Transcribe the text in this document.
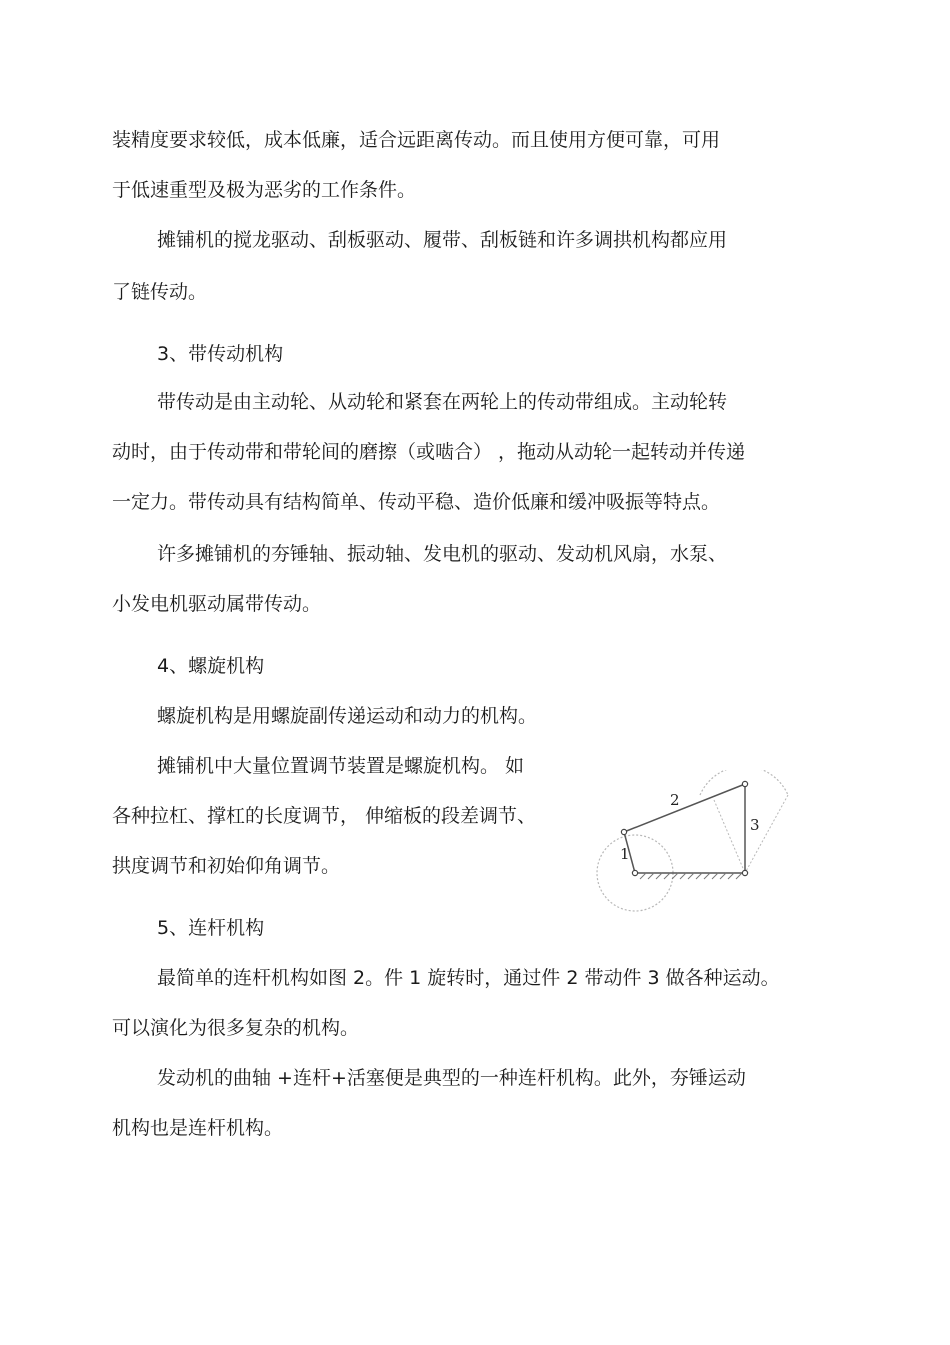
装精度要求较低，成本低廉，适合远距离传动。而且使用方便可靠，可用
于低速重型及极为恶劣的工作条件。
摊铺机的搅龙驱动、刮板驱动、履带、刮板链和许多调拱机构都应用
了链传动。
3、带传动机构
带传动是由主动轮、从动轮和紧套在两轮上的传动带组成。主动轮转
动时，由于传动带和带轮间的磨擦（或啮合） ，拖动从动轮一起转动并传递
一定力。带传动具有结构简单、传动平稳、造价低廉和缓冲吸振等特点。
许多摊铺机的夯锤轴、振动轴、发电机的驱动、发动机风扇，水泵、
小发电机驱动属带传动。
4、螺旋机构
螺旋机构是用螺旋副传递运动和动力的机构。
摊铺机中大量位置调节装置是螺旋机构。 如
各种拉杠、撑杠的长度调节， 伸缩板的段差调节、
拱度调节和初始仰角调节。
5、连杆机构
最简单的连杆机构如图 2。件 1 旋转时，通过件 2 带动件 3 做各种运动。
可以演化为很多复杂的机构。
发动机的曲轴 +连杆+活塞便是典型的一种连杆机构。此外，夯锤运动
机构也是连杆机构。
1
2
3
